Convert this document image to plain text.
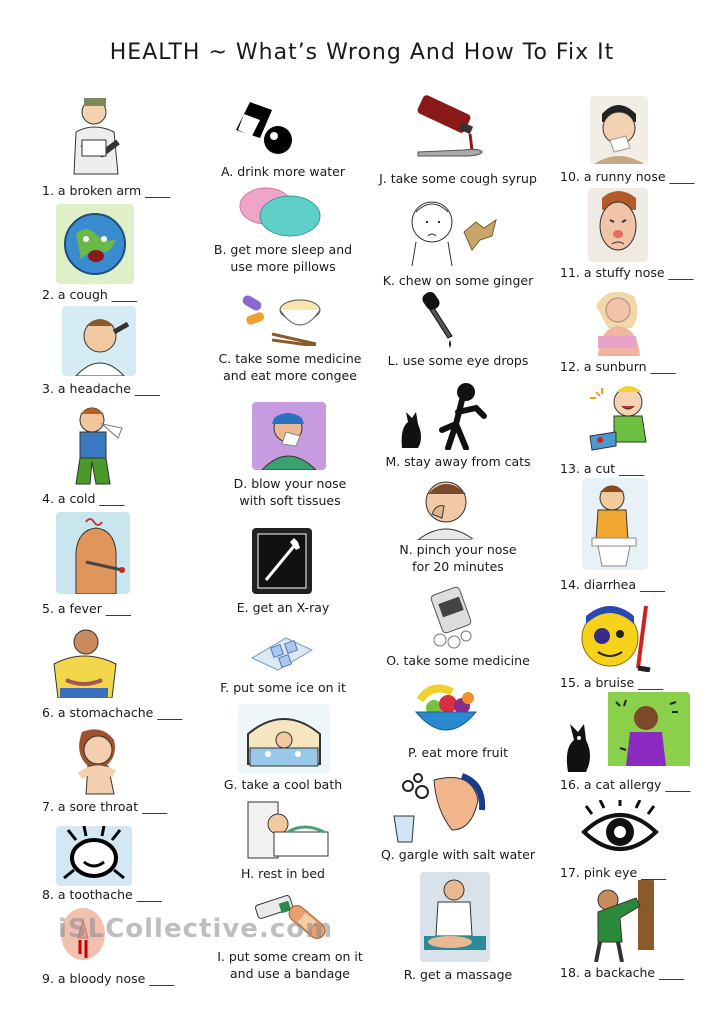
HEALTH ~ What’s Wrong And How To Fix It
1. a broken arm ____
2. a cough ____
3. a headache ____
4. a cold ____
5. a fever ____
6. a stomachache ____
7. a sore throat ____
8. a toothache ____
9. a bloody nose ____
A. drink more water
B. get more sleep and
use more pillows
C. take some medicine
and eat more congee
D. blow your nose
with soft tissues
E. get an X-ray
F. put some ice on it
G. take a cool bath
H. rest in bed
I. put some cream on it
and use a bandage
J. take some cough syrup
K. chew on some ginger
L. use some eye drops
M. stay away from cats
N. pinch your nose
for 20 minutes
O. take some medicine
P. eat more fruit
Q. gargle with salt water
R. get a massage
10. a runny nose ____
11. a stuffy nose ____
12. a sunburn ____
13. a cut ____
14. diarrhea ____
15. a bruise ____
16. a cat allergy ____
17. pink eye ____
18. a backache ____
iSLCollective.com
